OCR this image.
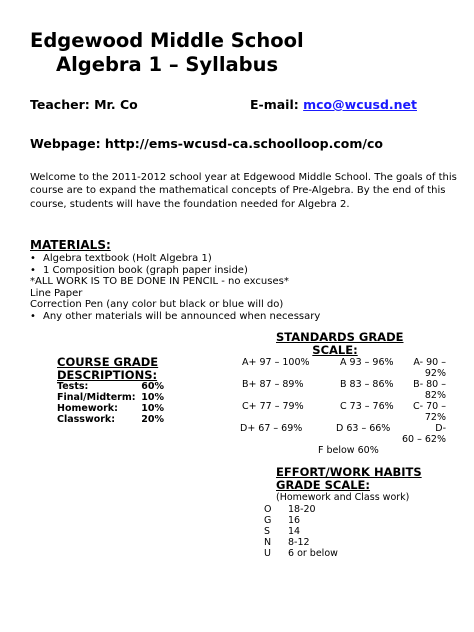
Edgewood Middle School
Algebra 1 – Syllabus
Teacher: Mr. Co	E-mail: mco@wcusd.net
Webpage: http://ems-wcusd-ca.schoolloop.com/co
Welcome to the 2011-2012 school year at Edgewood Middle School. The goals of this
course are to expand the mathematical concepts of Pre-Algebra. By the end of this
course, students will have the foundation needed for Algebra 2.
MATERIALS:
• Algebra textbook (Holt Algebra 1)
• 1 Composition book (graph paper inside)
*ALL WORK IS TO BE DONE IN PENCIL - no excuses*
Line Paper
Correction Pen (any color but black or blue will do)
• Any other materials will be announced when necessary
COURSE GRADE
DESCRIPTIONS:
Tests:	60%
Final/Midterm:	10%
Homework:	10%
Classwork:	20%
STANDARDS GRADE
SCALE:
A+ 97 – 100%	A 93 – 96%	A- 90 –
92%
B+ 87 – 89%	B 83 – 86%	B- 80 –
82%
C+ 77 – 79%	C 73 – 76%	C- 70 –
72%
D+ 67 – 69%	D 63 – 66%	D-
60 – 62%
F below 60%
EFFORT/WORK HABITS
GRADE SCALE:
(Homework and Class work)
O 18-20
G 16
S 14
N 8-12
U 6 or below
